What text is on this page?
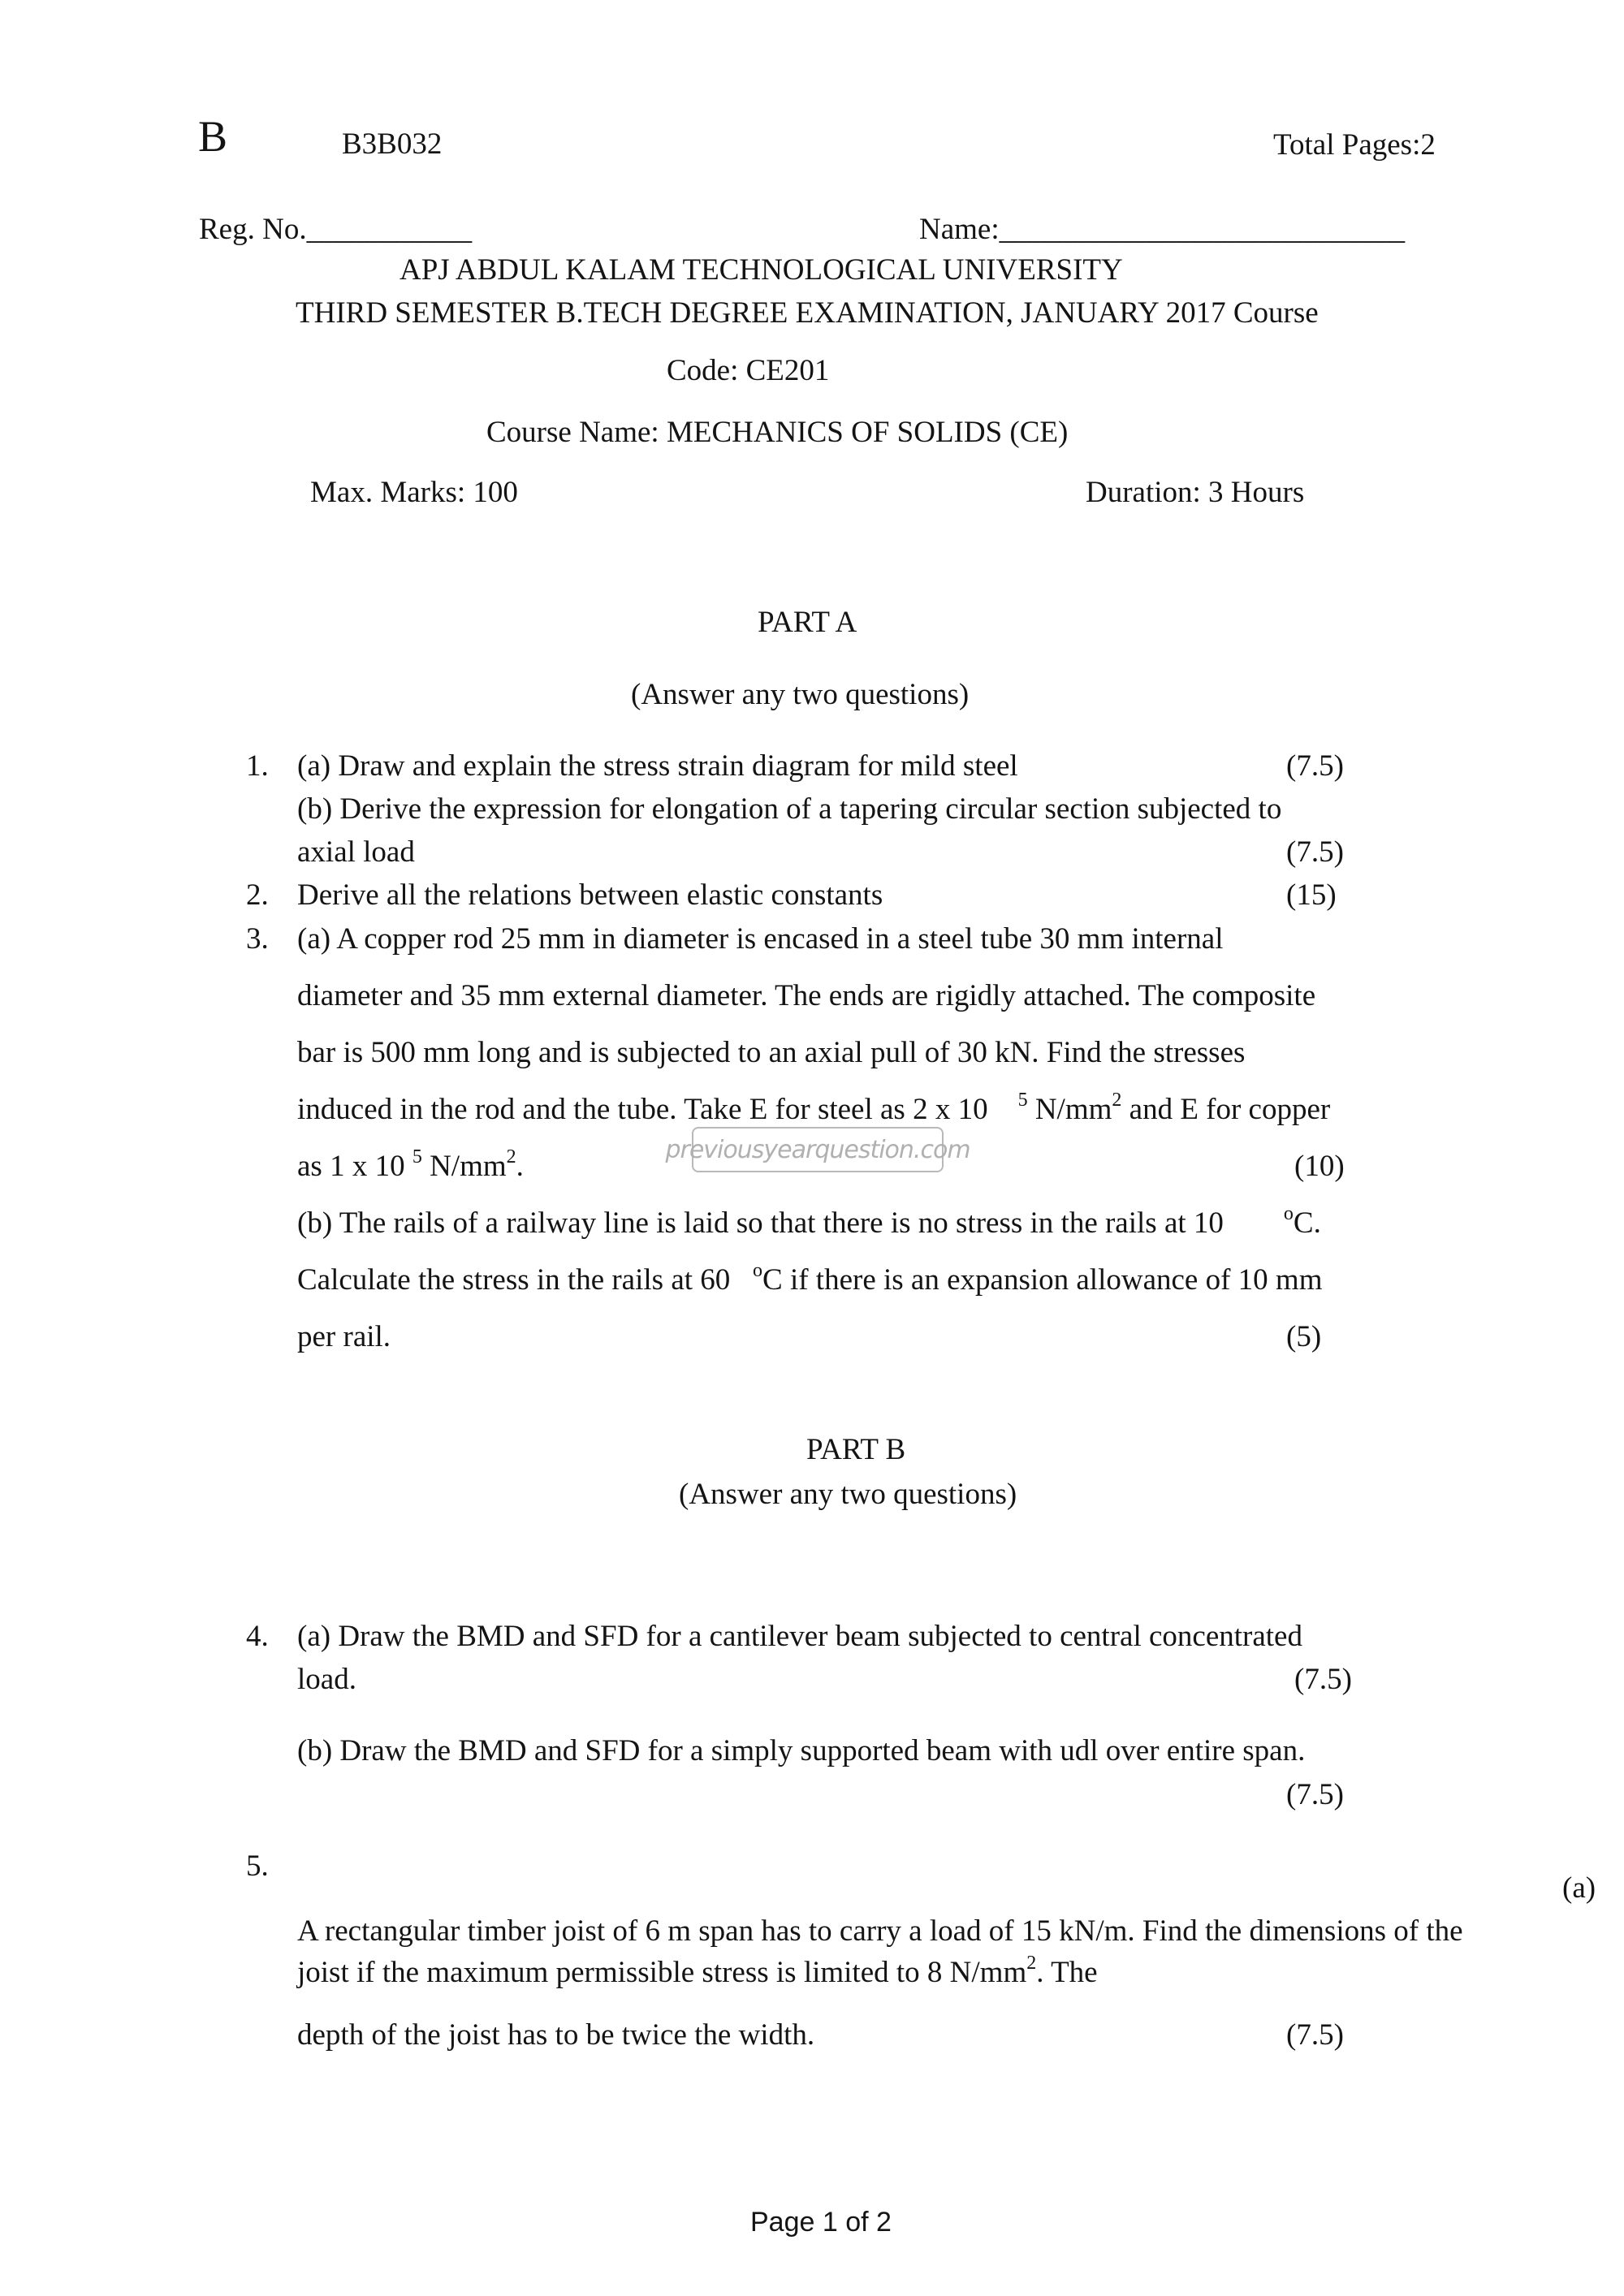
B	B3B032	Total Pages:2
Reg. No.___________	Name:___________________________
APJ ABDUL KALAM TECHNOLOGICAL UNIVERSITY
THIRD SEMESTER B.TECH DEGREE EXAMINATION, JANUARY 2017 Course
Code: CE201
Course Name: MECHANICS OF SOLIDS (CE)
Max. Marks: 100	Duration: 3 Hours
PART A
(Answer any two questions)
1. (a) Draw and explain the stress strain diagram for mild steel	(7.5)
(b) Derive the expression for elongation of a tapering circular section subjected to
axial load	(7.5)
2. Derive all the relations between elastic constants	(15)
3. (a) A copper rod 25 mm in diameter is encased in a steel tube 30 mm internal
diameter and 35 mm external diameter. The ends are rigidly attached. The composite
bar is 500 mm long and is subjected to an axial pull of 30 kN. Find the stresses
induced in the rod and the tube. Take E for steel as 2 x 10 $^5$ $N/mm^2$ and E for copper
as 1 x 10 $^5$ $N/mm^2$.	(10)
previousyearquestion.com
(b) The rails of a railway line is laid so that there is no stress in the rails at 10	$^o$C.
Calculate the stress in the rails at 60 $^o$C if there is an expansion allowance of 10 mm
per rail.	(5)
PART B
(Answer any two questions)
4. (a) Draw the BMD and SFD for a cantilever beam subjected to central concentrated
load.	(7.5)
(b) Draw the BMD and SFD for a simply supported beam with udl over entire span.
(7.5)
5.
(a)
A rectangular timber joist of 6 m span has to carry a load of 15 kN/m. Find the dimensions of the
joist if the maximum permissible stress is limited to 8 $N/mm^2$. The
depth of the joist has to be twice the width.	(7.5)
Page 1 of 2
